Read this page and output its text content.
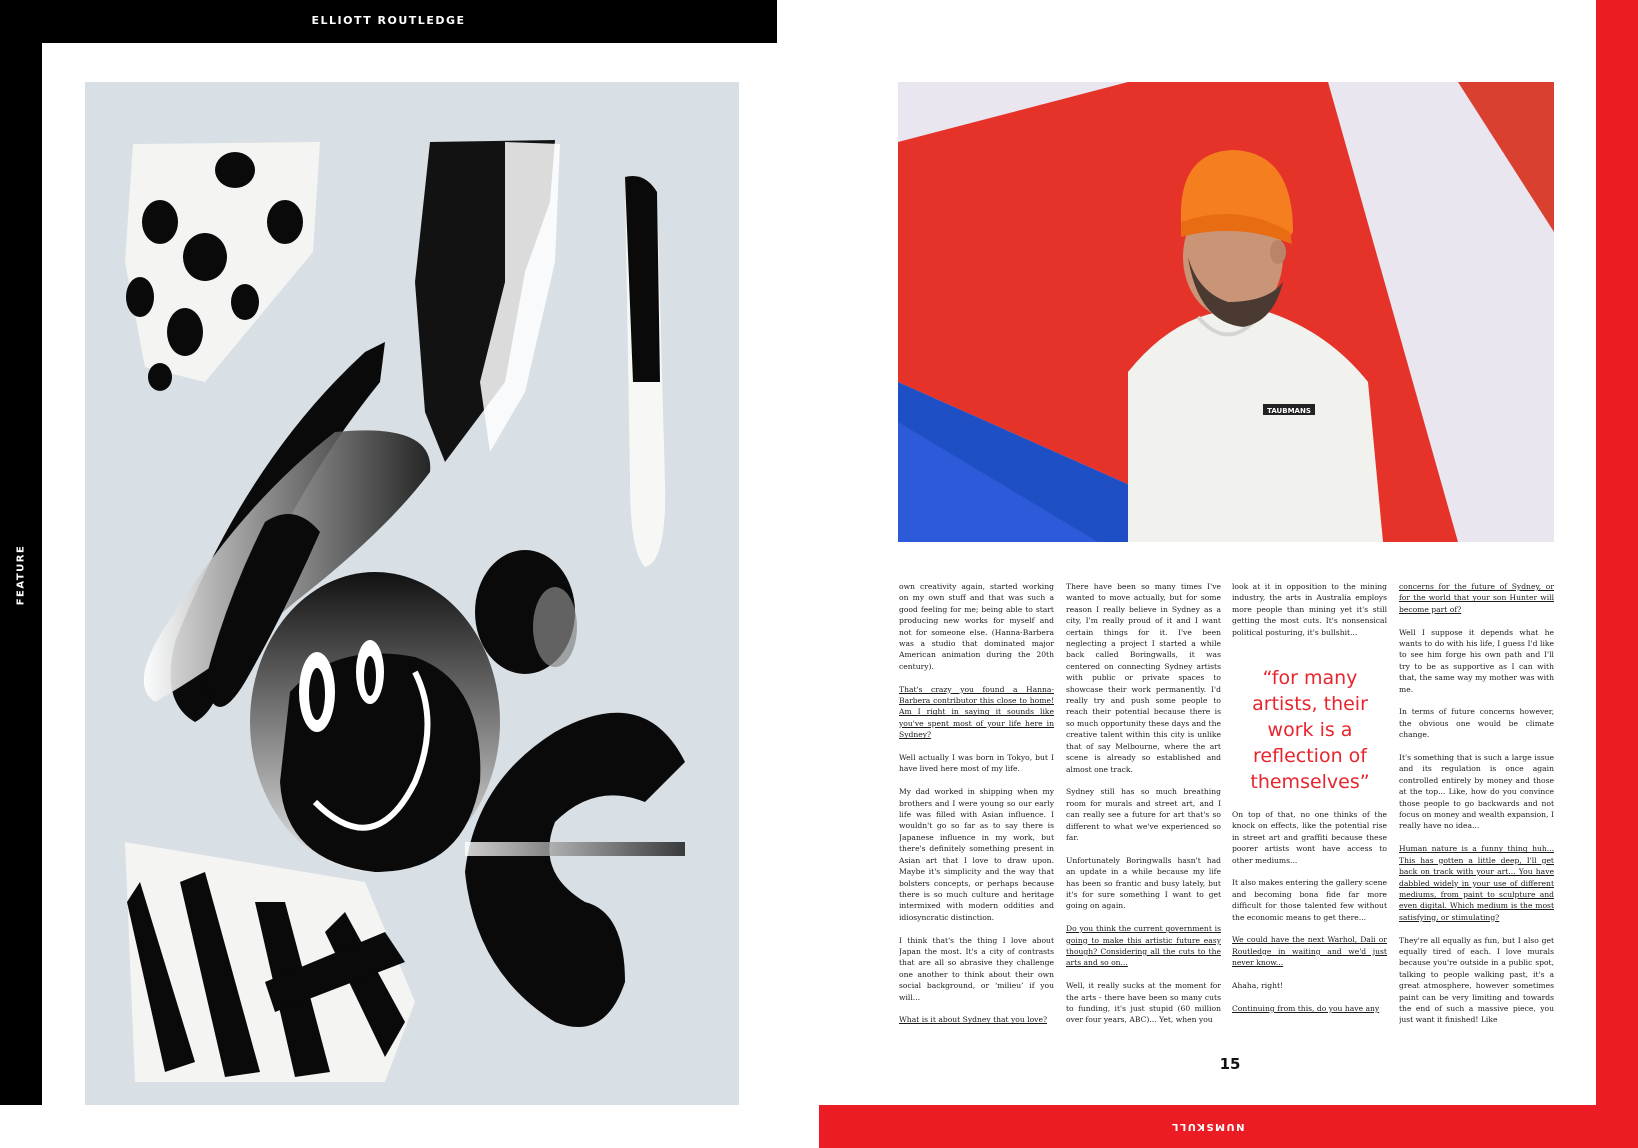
ELLIOTT ROUTLEDGE
FEATURE
NUMSKULL
TAUBMANS

own creativity again, started working on my own stuff and that was such a good feeling for me; being able to start producing new works for myself and not for someone else. (Hanna-Barbera was a studio that dominated major American animation during the 20th century).

That's crazy you found a Hanna-Barbera contributor this close to home! Am I right in saying it sounds like you've spent most of your life here in Sydney?

Well actually I was born in Tokyo, but I have lived here most of my life.

My dad worked in shipping when my brothers and I were young so our early life was filled with Asian influence. I wouldn't go so far as to say there is Japanese influence in my work, but there's definitely something present in Asian art that I love to draw upon. Maybe it's simplicity and the way that bolsters concepts, or perhaps because there is so much culture and heritage intermixed with modern oddities and idiosyncratic distinction.

I think that's the thing I love about Japan the most. It's a city of contrasts that are all so abrasive they challenge one another to think about their own social background, or ‘milieu’ if you will...

What is it about Sydney that you love?

There have been so many times I've wanted to move actually, but for some reason I really believe in Sydney as a city, I'm really proud of it and I want certain things for it. I've been neglecting a project I started a while back called Boringwalls, it was centered on connecting Sydney artists with public or private spaces to showcase their work permanently. I'd really try and push some people to reach their potential because there is so much opportunity these days and the creative talent within this city is unlike that of say Melbourne, where the art scene is already so established and almost one track.

Sydney still has so much breathing room for murals and street art, and I can really see a future for art that's so different to what we've experienced so far.

Unfortunately Boringwalls hasn't had an update in a while because my life has been so frantic and busy lately, but it's for sure something I want to get going on again.

Do you think the current government is going to make this artistic future easy though? Considering all the cuts to the arts and so on...

Well, it really sucks at the moment for the arts - there have been so many cuts to funding, it's just stupid (60 million over four years, ABC)... Yet, when you

look at it in opposition to the mining industry, the arts in Australia employs more people than mining yet it's still getting the most cuts. It's nonsensical political posturing, it's bullshit...

“for many artists, their work is a reflection of themselves”

On top of that, no one thinks of the knock on effects, like the potential rise in street art and graffiti because these poorer artists wont have access to other mediums...

It also makes entering the gallery scene and becoming bona fide far more difficult for those talented few without the economic means to get there...

We could have the next Warhol, Dali or Routledge in waiting and we'd just never know...

Ahaha, right!

Continuing from this, do you have any

concerns for the future of Sydney, or for the world that your son Hunter will become part of?

Well I suppose it depends what he wants to do with his life, I guess I'd like to see him forge his own path and I'll try to be as supportive as I can with that, the same way my mother was with me.

In terms of future concerns however, the obvious one would be climate change.

It's something that is such a large issue and its regulation is once again controlled entirely by money and those at the top... Like, how do you convince those people to go backwards and not focus on money and wealth expansion, I really have no idea...

Human nature is a funny thing huh... This has gotten a little deep, I'll get back on track with your art... You have dabbled widely in your use of different mediums, from paint to sculpture and even digital. Which medium is the most satisfying, or stimulating?

They're all equally as fun, but I also get equally tired of each. I love murals because you're outside in a public spot, talking to people walking past, it's a great atmosphere, however sometimes paint can be very limiting and towards the end of such a massive piece, you just want it finished! Like

15
